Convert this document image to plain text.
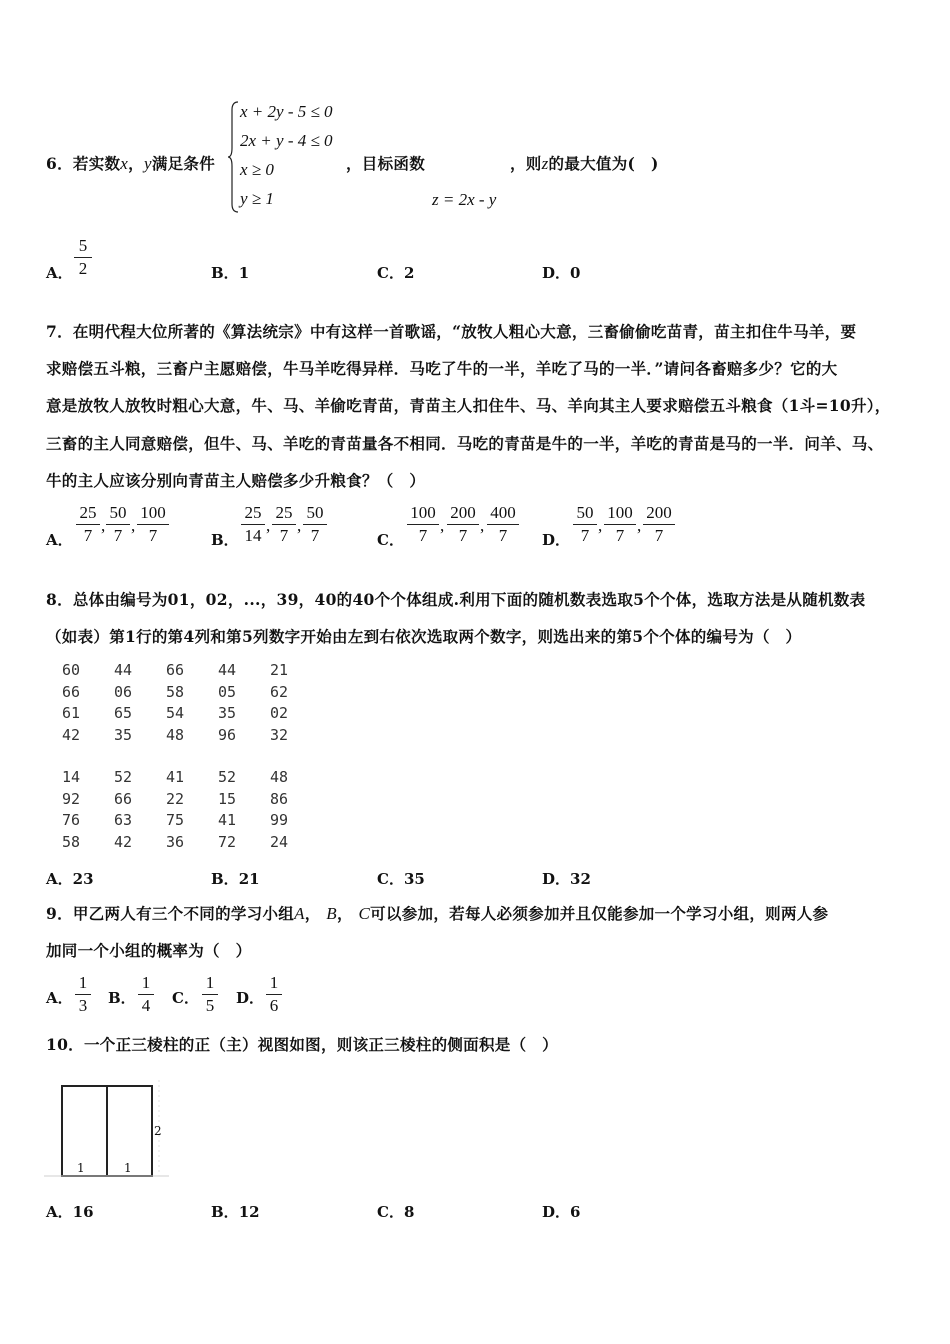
6．若实数x，y满足条件
x + 2y - 5 ≤ 0
2x + y - 4 ≤ 0
x ≥ 0
y ≥ 1
，目标函数	，则z的最大值为(　)
z = 2x - y
A．
5
2	B．1	C．2	D．0
7．在明代程大位所著的《算法统宗》中有这样一首歌谣，“放牧人粗心大意，三畜偷偷吃苗青，苗主扣住牛马羊，要
求赔偿五斗粮，三畜户主愿赔偿，牛马羊吃得异样．马吃了牛的一半，羊吃了马的一半．”请问各畜赔多少？它的大
意是放牧人放牧时粗心大意，牛、马、羊偷吃青苗，青苗主人扣住牛、马、羊向其主人要求赔偿五斗粮食（1斗=10升），
三畜的主人同意赔偿，但牛、马、羊吃的青苗量各不相同．马吃的青苗是牛的一半，羊吃的青苗是马的一半．问羊、马、
牛的主人应该分别向青苗主人赔偿多少升粮食？（　）
A．
25
7
,
50
7
,
100
7	B．
25
14
,
25
7
,
50
7	C．
100
7
,
200
7
,
400
7	D．
50
7
,
100
7
,
200
7
8．总体由编号为01，02，...，39，40的40个个体组成.利用下面的随机数表选取5个个体，选取方法是从随机数表
（如表）第1行的第4列和第5列数字开始由左到右依次选取两个数字，则选出来的第5个个体的编号为（　）
60 44 66 44 21
66 06 58 05 62
61 65 54 35 02
42 35 48 96 32
14 52 41 52 48
92 66 22 15 86
76 63 75 41 99
58 42 36 72 24
A．23	B．21	C．35	D．32
9．甲乙两人有三个不同的学习小组A， B， C可以参加，若每人必须参加并且仅能参加一个学习小组，则两人参
加同一个小组的概率为（　）
A．
1
3 B．
1
4 C．
1
5 D．
1
6
10．一个正三棱柱的正（主）视图如图，则该正三棱柱的侧面积是（　）
1	1
2
A．16	B．12	C．8	D．6
